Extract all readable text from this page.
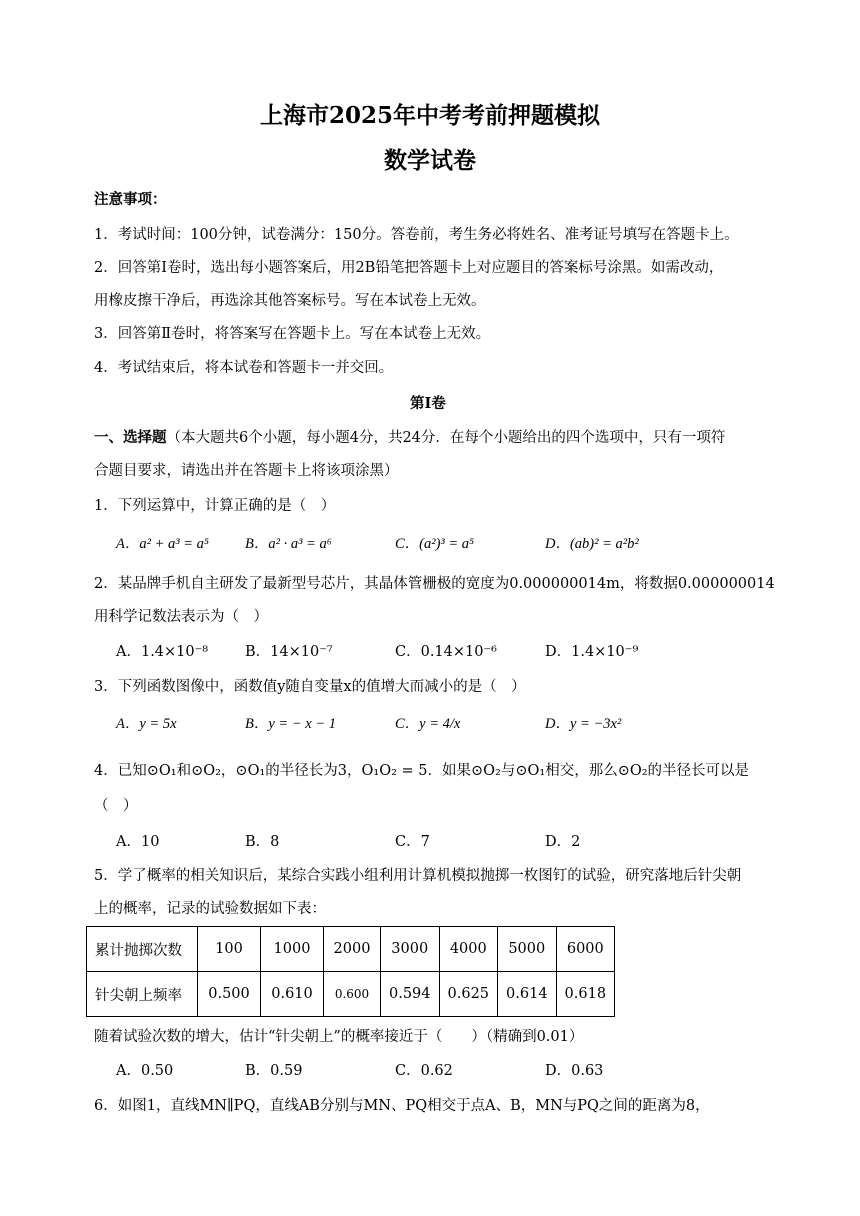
上海市2025年中考考前押题模拟
数学试卷
注意事项：
1．考试时间：100分钟，试卷满分：150分。答卷前，考生务必将姓名、准考证号填写在答题卡上。
2．回答第Ⅰ卷时，选出每小题答案后，用2B铅笔把答题卡上对应题目的答案标号涂黑。如需改动，
用橡皮擦干净后，再选涂其他答案标号。写在本试卷上无效。
3．回答第Ⅱ卷时，将答案写在答题卡上。写在本试卷上无效。
4．考试结束后，将本试卷和答题卡一并交回。
第Ⅰ卷
一、选择题（本大题共6个小题，每小题4分，共24分．在每个小题给出的四个选项中，只有一项符
合题目要求，请选出并在答题卡上将该项涂黑）
1．下列运算中，计算正确的是（　）
A．a² + a³ = a⁵ B．a² · a³ = a⁶	C．(a²)³ = a⁵	D．(ab)² = a²b²
2．某品牌手机自主研发了最新型号芯片，其晶体管栅极的宽度为0.000000014m，将数据0.000000014
用科学记数法表示为（　）
A．1.4×10⁻⁸	B．14×10⁻⁷	C．0.14×10⁻⁶	D．1.4×10⁻⁹
3．下列函数图像中，函数值y随自变量x的值增大而减小的是（　）
A．y = 5x	B．y = − x − 1	C．y = 4/x	D．y = −3x²
4．已知⊙O₁和⊙O₂，⊙O₁的半径长为3，O₁O₂ = 5．如果⊙O₂与⊙O₁相交，那么⊙O₂的半径长可以是
（　）
A．10	B．8	C．7	D．2
5．学了概率的相关知识后，某综合实践小组利用计算机模拟抛掷一枚图钉的试验，研究落地后针尖朝
上的概率，记录的试验数据如下表：
累计抛掷次数	100	1000	2000	3000	4000	5000	6000
针尖朝上频率	0.500	0.610	0.600	0.594	0.625	0.614	0.618
随着试验次数的增大，估计“针尖朝上”的概率接近于（　　）（精确到0.01）
A．0.50	B．0.59	C．0.62	D．0.63
6．如图1，直线MN∥PQ，直线AB分别与MN、PQ相交于点A、B，MN与PQ之间的距离为8，
